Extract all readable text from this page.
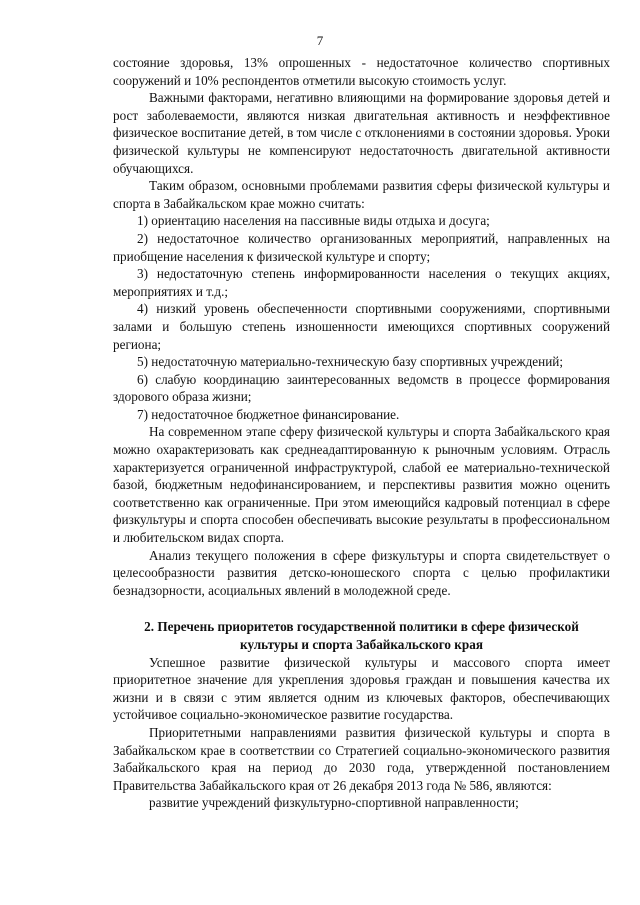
7

состояние здоровья, 13% опрошенных - недостаточное количество спортивных сооружений и 10% респондентов отметили высокую стоимость услуг.

Важными факторами, негативно влияющими на формирование здоровья детей и рост заболеваемости, являются низкая двигательная активность и неэффективное физическое воспитание детей, в том числе с отклонениями в состоянии здоровья. Уроки физической культуры не компенсируют недостаточность двигательной активности обучающихся.

Таким образом, основными проблемами развития сферы физической культуры и спорта в Забайкальском крае можно считать:

1) ориентацию населения на пассивные виды отдыха и досуга;

2) недостаточное количество организованных мероприятий, направленных на приобщение населения к физической культуре и спорту;

3) недостаточную степень информированности населения о текущих акциях, мероприятиях и т.д.;

4) низкий уровень обеспеченности спортивными сооружениями, спортивными залами и большую степень изношенности имеющихся спортивных сооружений региона;

5) недостаточную материально-техническую базу спортивных учреждений;

6) слабую координацию заинтересованных ведомств в процессе формирования здорового образа жизни;

7) недостаточное бюджетное финансирование.

На современном этапе сферу физической культуры и спорта Забайкальского края можно охарактеризовать как среднеадаптированную к рыночным условиям. Отрасль характеризуется ограниченной инфраструктурой, слабой ее материально-технической базой, бюджетным недофинансированием, и перспективы развития можно оценить соответственно как ограниченные. При этом имеющийся кадровый потенциал в сфере физкультуры и спорта способен обеспечивать высокие результаты в профессиональном и любительском видах спорта.

Анализ текущего положения в сфере физкультуры и спорта свидетельствует о целесообразности развития детско-юношеского спорта с целью профилактики безнадзорности, асоциальных явлений в молодежной среде.

2. Перечень приоритетов государственной политики в сфере физической культуры и спорта Забайкальского края

Успешное развитие физической культуры и массового спорта имеет приоритетное значение для укрепления здоровья граждан и повышения качества их жизни и в связи с этим является одним из ключевых факторов, обеспечивающих устойчивое социально-экономическое развитие государства.

Приоритетными направлениями развития физической культуры и спорта в Забайкальском крае в соответствии со Стратегией социально-экономического развития Забайкальского края на период до 2030 года, утвержденной постановлением Правительства Забайкальского края от 26 декабря 2013 года № 586, являются:

развитие учреждений физкультурно-спортивной направленности;
